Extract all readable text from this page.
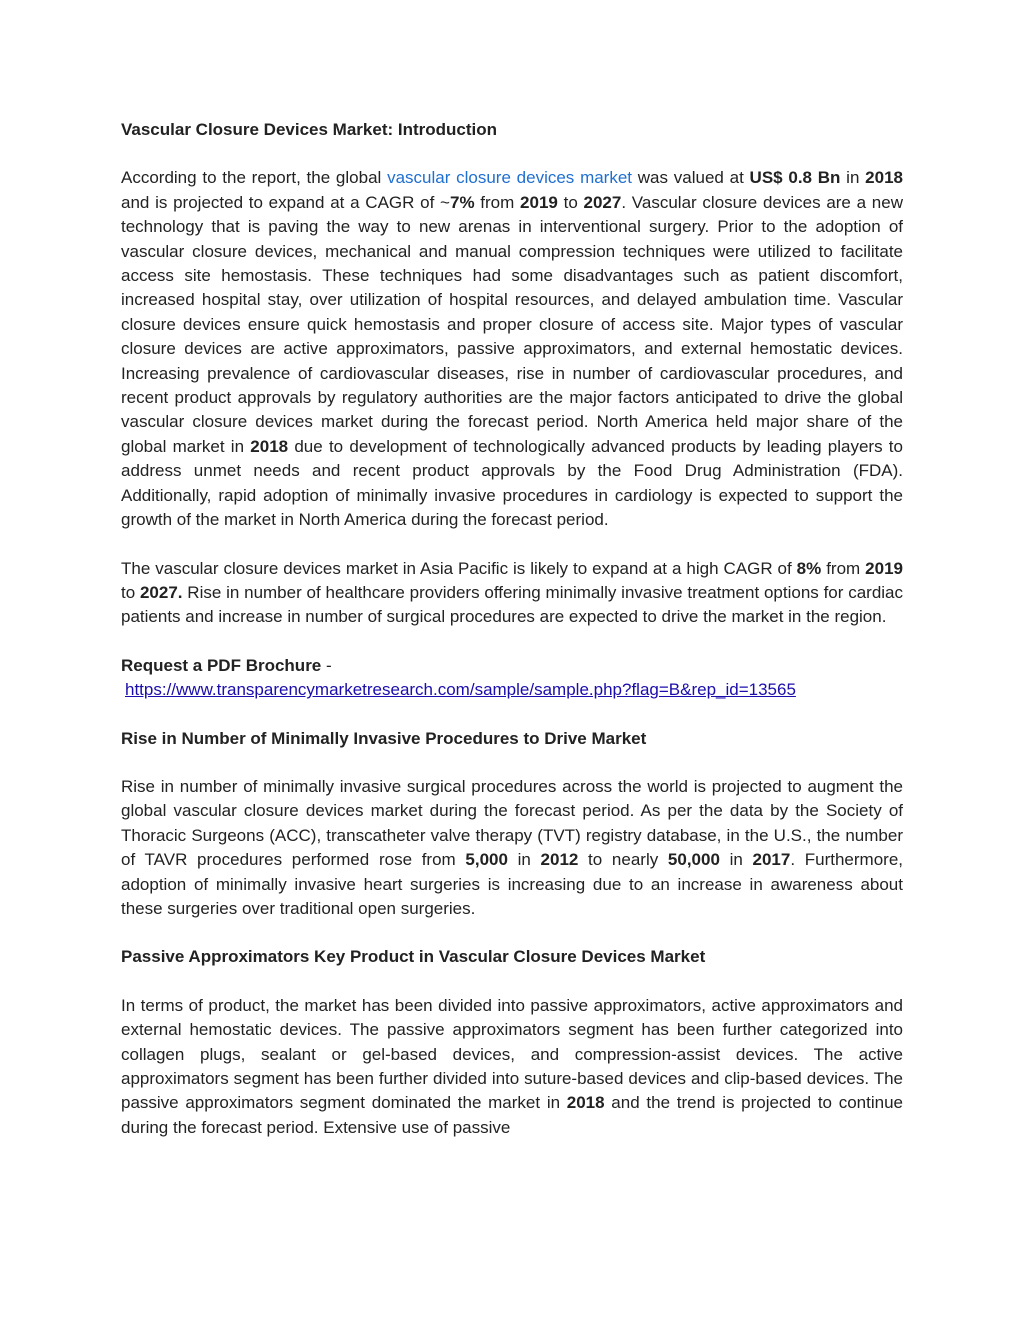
Vascular Closure Devices Market: Introduction

According to the report, the global vascular closure devices market was valued at US$ 0.8 Bn in 2018 and is projected to expand at a CAGR of ~7% from 2019 to 2027. Vascular closure devices are a new technology that is paving the way to new arenas in interventional surgery. Prior to the adoption of vascular closure devices, mechanical and manual compression techniques were utilized to facilitate access site hemostasis. These techniques had some disadvantages such as patient discomfort, increased hospital stay, over utilization of hospital resources, and delayed ambulation time. Vascular closure devices ensure quick hemostasis and proper closure of access site. Major types of vascular closure devices are active approximators, passive approximators, and external hemostatic devices. Increasing prevalence of cardiovascular diseases, rise in number of cardiovascular procedures, and recent product approvals by regulatory authorities are the major factors anticipated to drive the global vascular closure devices market during the forecast period. North America held major share of the global market in 2018 due to development of technologically advanced products by leading players to address unmet needs and recent product approvals by the Food Drug Administration (FDA). Additionally, rapid adoption of minimally invasive procedures in cardiology is expected to support the growth of the market in North America during the forecast period.

The vascular closure devices market in Asia Pacific is likely to expand at a high CAGR of 8% from 2019 to 2027. Rise in number of healthcare providers offering minimally invasive treatment options for cardiac patients and increase in number of surgical procedures are expected to drive the market in the region.

Request a PDF Brochure -
https://www.transparencymarketresearch.com/sample/sample.php?flag=B&rep_id=13565
Rise in Number of Minimally Invasive Procedures to Drive Market

Rise in number of minimally invasive surgical procedures across the world is projected to augment the global vascular closure devices market during the forecast period. As per the data by the Society of Thoracic Surgeons (ACC), transcatheter valve therapy (TVT) registry database, in the U.S., the number of TAVR procedures performed rose from 5,000 in 2012 to nearly 50,000 in 2017. Furthermore, adoption of minimally invasive heart surgeries is increasing due to an increase in awareness about these surgeries over traditional open surgeries.

Passive Approximators Key Product in Vascular Closure Devices Market

In terms of product, the market has been divided into passive approximators, active approximators and external hemostatic devices. The passive approximators segment has been further categorized into collagen plugs, sealant or gel-based devices, and compression-assist devices. The active approximators segment has been further divided into suture-based devices and clip-based devices. The passive approximators segment dominated the market in 2018 and the trend is projected to continue during the forecast period. Extensive use of passive
